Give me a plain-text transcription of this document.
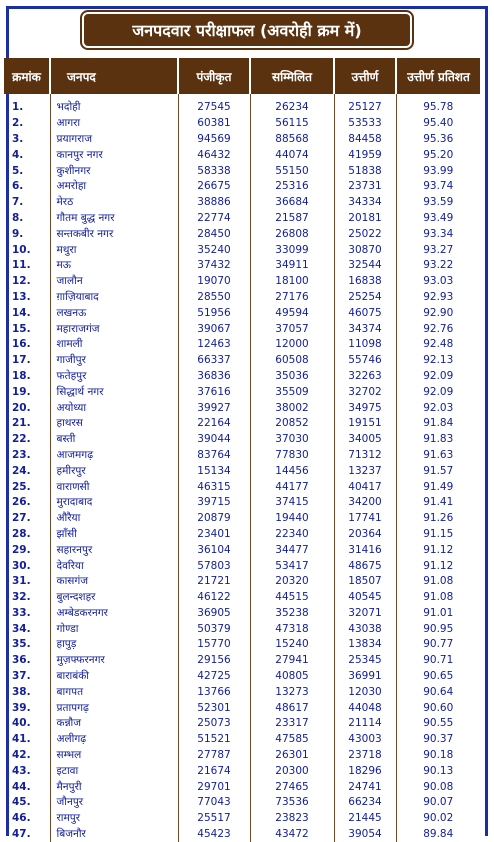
जनपदवार परीक्षाफल (अवरोही क्रम में)
क्रमांक	जनपद	पंजीकृत	सम्मिलित	उत्तीर्ण	उत्तीर्ण प्रतिशत
1.	भदोही	27545	26234	25127	95.78
2.	आगरा	60381	56115	53533	95.40
3.	प्रयागराज	94569	88568	84458	95.36
4.	कानपुर नगर	46432	44074	41959	95.20
5.	कुशीनगर	58338	55150	51838	93.99
6.	अमरोहा	26675	25316	23731	93.74
7.	मेरठ	38886	36684	34334	93.59
8.	गौतम बुद्ध नगर	22774	21587	20181	93.49
9.	सन्तकबीर नगर	28450	26808	25022	93.34
10.	मथुरा	35240	33099	30870	93.27
11.	मऊ	37432	34911	32544	93.22
12.	जालौन	19070	18100	16838	93.03
13.	ग़ाज़ियाबाद	28550	27176	25254	92.93
14.	लखनऊ	51956	49594	46075	92.90
15.	महाराजगंज	39067	37057	34374	92.76
16.	शामली	12463	12000	11098	92.48
17.	गाजीपुर	66337	60508	55746	92.13
18.	फतेहपुर	36836	35036	32263	92.09
19.	सिद्धार्थ नगर	37616	35509	32702	92.09
20.	अयोध्या	39927	38002	34975	92.03
21.	हाथरस	22164	20852	19151	91.84
22.	बस्ती	39044	37030	34005	91.83
23.	आजमगढ़	83764	77830	71312	91.63
24.	हमीरपुर	15134	14456	13237	91.57
25.	वाराणसी	46315	44177	40417	91.49
26.	मुरादाबाद	39715	37415	34200	91.41
27.	औरैया	20879	19440	17741	91.26
28.	झाँसी	23401	22340	20364	91.15
29.	सहारनपुर	36104	34477	31416	91.12
30.	देवरिया	57803	53417	48675	91.12
31.	कासगंज	21721	20320	18507	91.08
32.	बुलन्दशहर	46122	44515	40545	91.08
33.	अम्बेडकरनगर	36905	35238	32071	91.01
34.	गोण्डा	50379	47318	43038	90.95
35.	हापुड़	15770	15240	13834	90.77
36.	मुज़फ्फरनगर	29156	27941	25345	90.71
37.	बाराबंकी	42725	40805	36991	90.65
38.	बागपत	13766	13273	12030	90.64
39.	प्रतापगढ़	52301	48617	44048	90.60
40.	कन्नौज	25073	23317	21114	90.55
41.	अलीगढ़	51521	47585	43003	90.37
42.	सम्भल	27787	26301	23718	90.18
43.	इटावा	21674	20300	18296	90.13
44.	मैनपुरी	29701	27465	24741	90.08
45.	जौनपुर	77043	73536	66234	90.07
46.	रामपुर	25517	23823	21445	90.02
47.	बिजनौर	45423	43472	39054	89.84
